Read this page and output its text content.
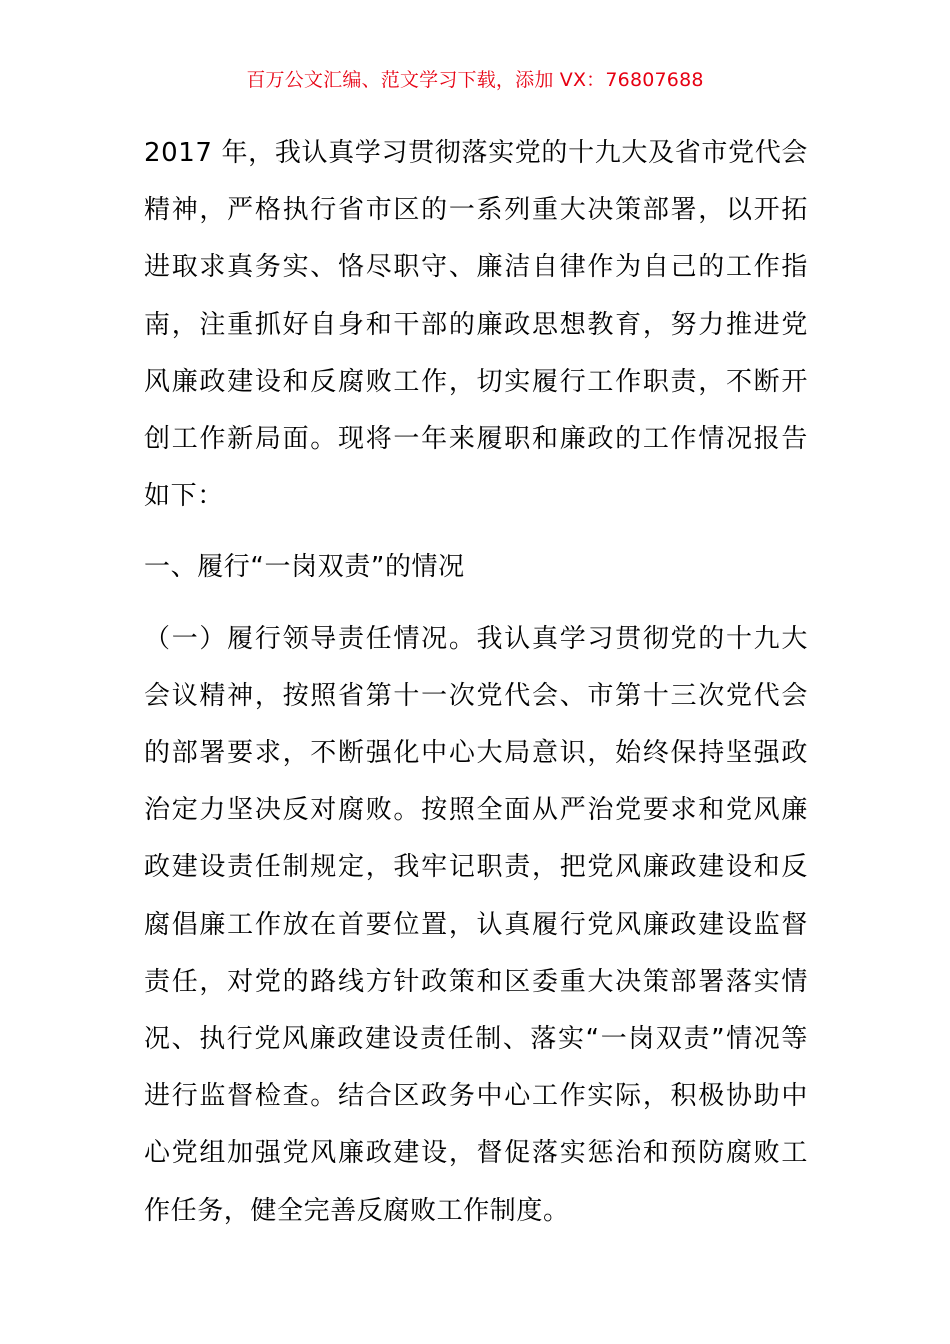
百万公文汇编、范文学习下载，添加 VX：76807688

2017 年，我认真学习贯彻落实党的十九大及省市党代会精神，严格执行省市区的一系列重大决策部署，以开拓进取求真务实、恪尽职守、廉洁自律作为自己的工作指南，注重抓好自身和干部的廉政思想教育，努力推进党风廉政建设和反腐败工作，切实履行工作职责，不断开创工作新局面。现将一年来履职和廉政的工作情况报告如下：

一、履行“一岗双责”的情况

（一）履行领导责任情况。我认真学习贯彻党的十九大会议精神，按照省第十一次党代会、市第十三次党代会的部署要求，不断强化中心大局意识，始终保持坚强政治定力坚决反对腐败。按照全面从严治党要求和党风廉政建设责任制规定，我牢记职责，把党风廉政建设和反腐倡廉工作放在首要位置，认真履行党风廉政建设监督责任，对党的路线方针政策和区委重大决策部署落实情况、执行党风廉政建设责任制、落实“一岗双责”情况等进行监督检查。结合区政务中心工作实际，积极协助中心党组加强党风廉政建设，督促落实惩治和预防腐败工作任务，健全完善反腐败工作制度。
